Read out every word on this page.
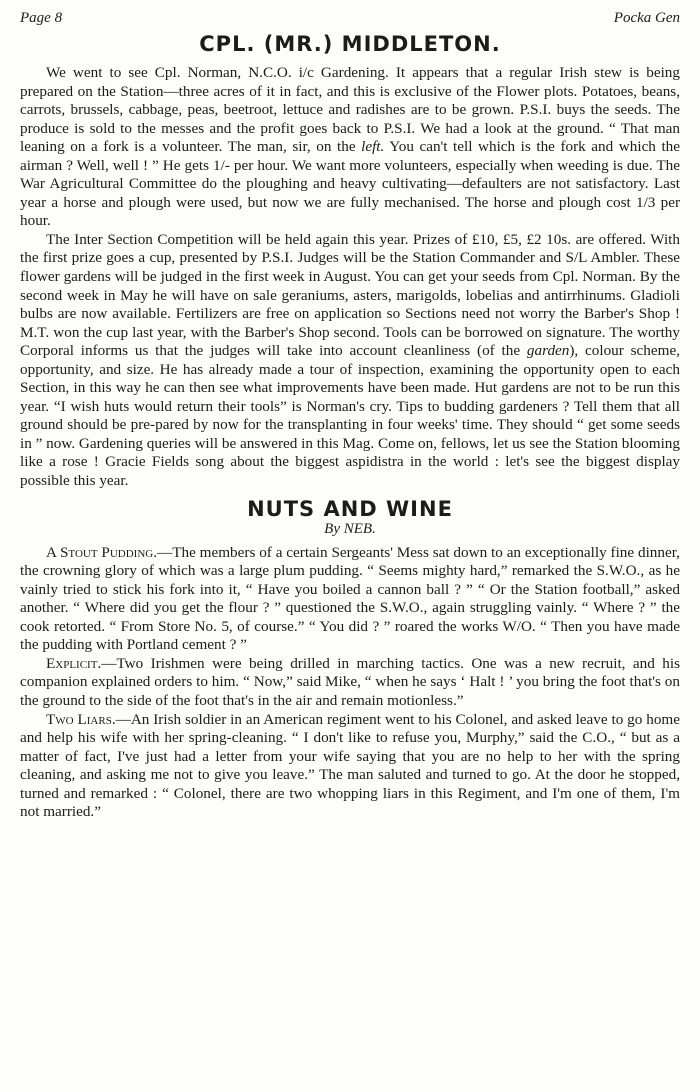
Page 8	Pocka Gen
CPL. (MR.) MIDDLETON.

We went to see Cpl. Norman, N.C.O. i/c Gardening. It appears that a regular Irish stew is being prepared on the Station—three acres of it in fact, and this is exclusive of the Flower plots. Potatoes, beans, carrots, brussels, cabbage, peas, beetroot, lettuce and radishes are to be grown. P.S.I. buys the seeds. The produce is sold to the messes and the profit goes back to P.S.I. We had a look at the ground. “ That man leaning on a fork is a volunteer. The man, sir, on the left. You can't tell which is the fork and which the airman ? Well, well ! ” He gets 1/- per hour. We want more volunteers, especially when weeding is due. The War Agricultural Committee do the ploughing and heavy cultivating—defaulters are not satisfactory. Last year a horse and plough were used, but now we are fully mechanised. The horse and plough cost 1/3 per hour.

The Inter Section Competition will be held again this year. Prizes of £10, £5, £2 10s. are offered. With the first prize goes a cup, presented by P.S.I. Judges will be the Station Commander and S/L Ambler. These flower gardens will be judged in the first week in August. You can get your seeds from Cpl. Norman. By the second week in May he will have on sale geraniums, asters, marigolds, lobelias and antirrhinums. Gladioli bulbs are now available. Fertilizers are free on application so Sections need not worry the Barber's Shop ! M.T. won the cup last year, with the Barber's Shop second. Tools can be borrowed on signature. The worthy Corporal informs us that the judges will take into account cleanliness (of the garden), colour scheme, opportunity, and size. He has already made a tour of inspection, examining the opportunity open to each Section, in this way he can then see what improvements have been made. Hut gardens are not to be run this year. “I wish huts would return their tools” is Norman's cry. Tips to budding gardeners ? Tell them that all ground should be pre-pared by now for the transplanting in four weeks' time. They should “ get some seeds in ” now. Gardening queries will be answered in this Mag. Come on, fellows, let us see the Station blooming like a rose ! Gracie Fields song about the biggest aspidistra in the world : let's see the biggest display possible this year.

NUTS AND WINE
By NEB.

A Stout Pudding.—The members of a certain Sergeants' Mess sat down to an exceptionally fine dinner, the crowning glory of which was a large plum pudding. “ Seems mighty hard,” remarked the S.W.O., as he vainly tried to stick his fork into it, “ Have you boiled a cannon ball ? ” “ Or the Station football,” asked another. “ Where did you get the flour ? ” questioned the S.W.O., again struggling vainly. “ Where ? ” the cook retorted. “ From Store No. 5, of course.” “ You did ? ” roared the works W/O. “ Then you have made the pudding with Portland cement ? ”

Explicit.—Two Irishmen were being drilled in marching tactics. One was a new recruit, and his companion explained orders to him. “ Now,” said Mike, “ when he says ‘ Halt ! ’ you bring the foot that's on the ground to the side of the foot that's in the air and remain motionless.”

Two Liars.—An Irish soldier in an American regiment went to his Colonel, and asked leave to go home and help his wife with her spring-cleaning. “ I don't like to refuse you, Murphy,” said the C.O., “ but as a matter of fact, I've just had a letter from your wife saying that you are no help to her with the spring cleaning, and asking me not to give you leave.” The man saluted and turned to go. At the door he stopped, turned and remarked : “ Colonel, there are two whopping liars in this Regiment, and I'm one of them, I'm not married.”
